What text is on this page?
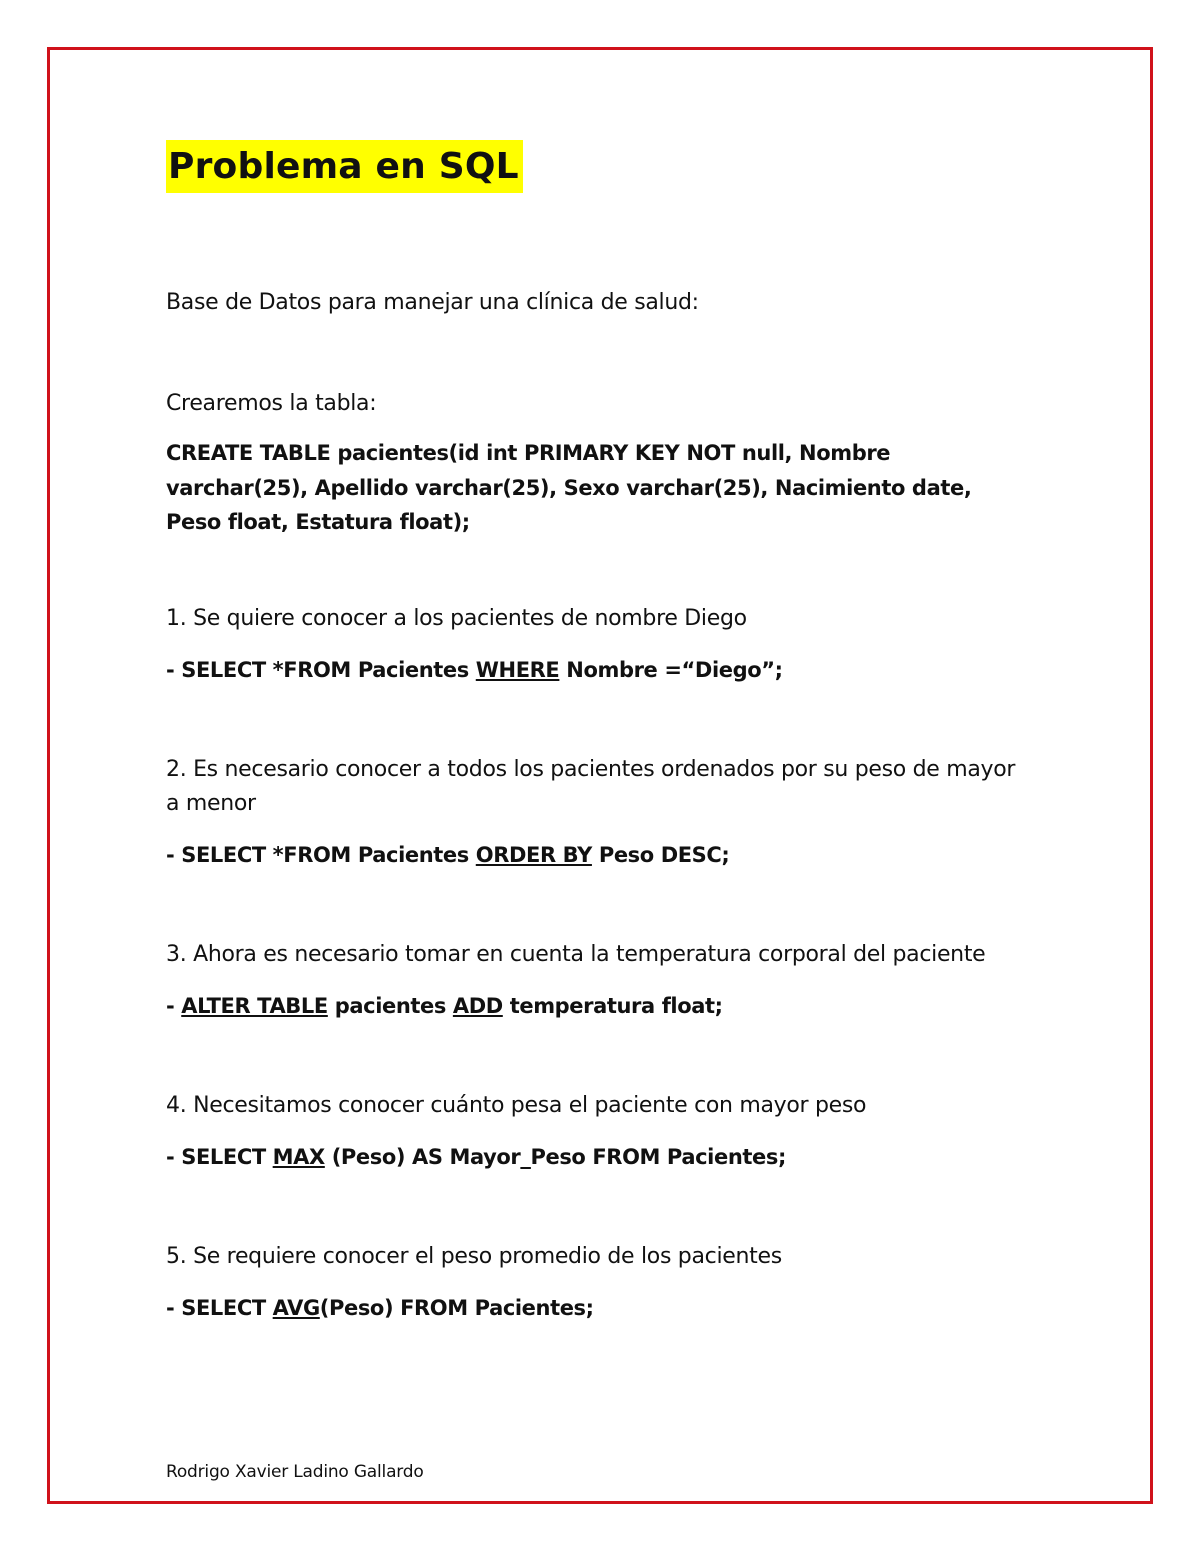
Problema en SQL
Base de Datos para manejar una clínica de salud:
Crearemos la tabla:
CREATE TABLE pacientes(id int PRIMARY KEY NOT null, Nombre
varchar(25), Apellido varchar(25), Sexo varchar(25), Nacimiento date,
Peso float, Estatura float);
1. Se quiere conocer a los pacientes de nombre Diego
- SELECT *FROM Pacientes WHERE Nombre =“Diego”;
2. Es necesario conocer a todos los pacientes ordenados por su peso de mayor
a menor
- SELECT *FROM Pacientes ORDER BY Peso DESC;
3. Ahora es necesario tomar en cuenta la temperatura corporal del paciente
- ALTER TABLE pacientes ADD temperatura float;
4. Necesitamos conocer cuánto pesa el paciente con mayor peso
- SELECT MAX (Peso) AS Mayor_Peso FROM Pacientes;
5. Se requiere conocer el peso promedio de los pacientes
- SELECT AVG(Peso) FROM Pacientes;
Rodrigo Xavier Ladino Gallardo
